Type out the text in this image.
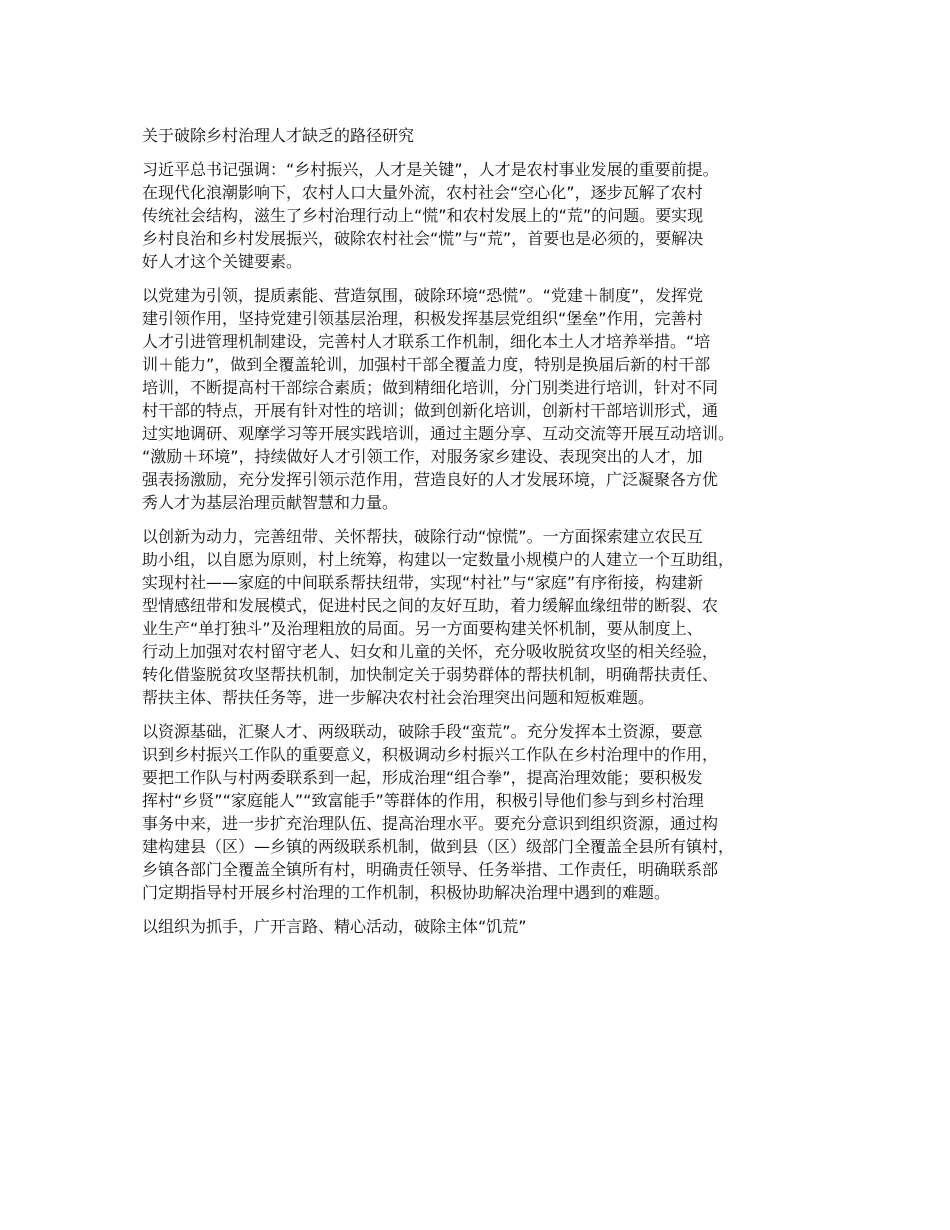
关于破除乡村治理人才缺乏的路径研究
习近平总书记强调：“乡村振兴，人才是关键”，人才是农村事业发展的重要前提。
在现代化浪潮影响下，农村人口大量外流，农村社会“空心化”，逐步瓦解了农村
传统社会结构，滋生了乡村治理行动上“慌”和农村发展上的“荒”的问题。要实现
乡村良治和乡村发展振兴，破除农村社会“慌”与“荒”，首要也是必须的，要解决
好人才这个关键要素。
以党建为引领，提质素能、营造氛围，破除环境“恐慌”。“党建＋制度”，发挥党
建引领作用，坚持党建引领基层治理，积极发挥基层党组织“堡垒”作用，完善村
人才引进管理机制建设，完善村人才联系工作机制，细化本土人才培养举措。“培
训＋能力”，做到全覆盖轮训，加强村干部全覆盖力度，特别是换届后新的村干部
培训，不断提高村干部综合素质；做到精细化培训，分门别类进行培训，针对不同
村干部的特点，开展有针对性的培训；做到创新化培训，创新村干部培训形式，通
过实地调研、观摩学习等开展实践培训，通过主题分享、互动交流等开展互动培训。
“激励＋环境”，持续做好人才引领工作，对服务家乡建设、表现突出的人才，加
强表扬激励，充分发挥引领示范作用，营造良好的人才发展环境，广泛凝聚各方优
秀人才为基层治理贡献智慧和力量。
以创新为动力，完善纽带、关怀帮扶，破除行动“惊慌”。一方面探索建立农民互
助小组，以自愿为原则，村上统筹，构建以一定数量小规模户的人建立一个互助组，
实现村社——家庭的中间联系帮扶纽带，实现“村社”与“家庭”有序衔接，构建新
型情感纽带和发展模式，促进村民之间的友好互助，着力缓解血缘纽带的断裂、农
业生产“单打独斗”及治理粗放的局面。另一方面要构建关怀机制，要从制度上、
行动上加强对农村留守老人、妇女和儿童的关怀，充分吸收脱贫攻坚的相关经验，
转化借鉴脱贫攻坚帮扶机制，加快制定关于弱势群体的帮扶机制，明确帮扶责任、
帮扶主体、帮扶任务等，进一步解决农村社会治理突出问题和短板难题。
以资源基础，汇聚人才、两级联动，破除手段“蛮荒”。充分发挥本土资源，要意
识到乡村振兴工作队的重要意义，积极调动乡村振兴工作队在乡村治理中的作用，
要把工作队与村两委联系到一起，形成治理“组合拳”，提高治理效能；要积极发
挥村“乡贤”“家庭能人”“致富能手”等群体的作用，积极引导他们参与到乡村治理
事务中来，进一步扩充治理队伍、提高治理水平。要充分意识到组织资源，通过构
建构建县（区）—乡镇的两级联系机制，做到县（区）级部门全覆盖全县所有镇村，
乡镇各部门全覆盖全镇所有村，明确责任领导、任务举措、工作责任，明确联系部
门定期指导村开展乡村治理的工作机制，积极协助解决治理中遇到的难题。
以组织为抓手，广开言路、精心活动，破除主体“饥荒”
